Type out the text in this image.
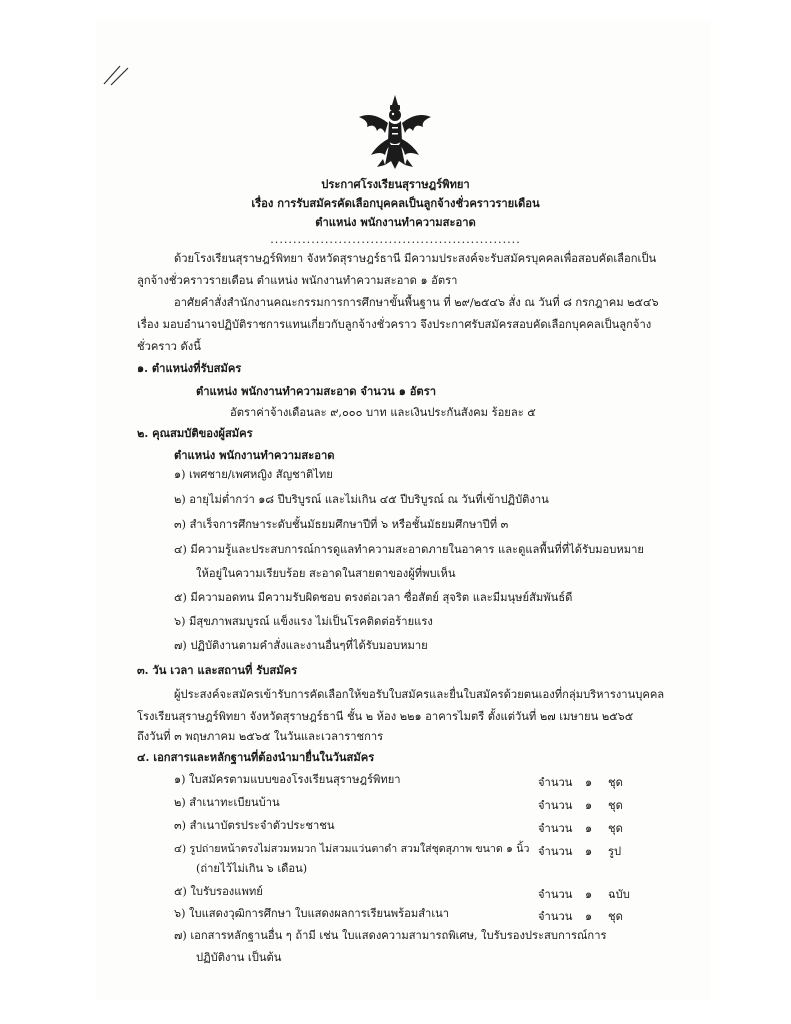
ประกาศโรงเรียนสุราษฎร์พิทยา
เรื่อง การรับสมัครคัดเลือกบุคคลเป็นลูกจ้างชั่วคราวรายเดือน
ตำแหน่ง พนักงานทำความสะอาด
.......................................................
ด้วยโรงเรียนสุราษฎร์พิทยา จังหวัดสุราษฎร์ธานี มีความประสงค์จะรับสมัครบุคคลเพื่อสอบคัดเลือกเป็น
ลูกจ้างชั่วคราวรายเดือน ตำแหน่ง พนักงานทำความสะอาด ๑ อัตรา
อาศัยคำสั่งสำนักงานคณะกรรมการการศึกษาขั้นพื้นฐาน ที่ ๒๙/๒๕๔๖ สั่ง ณ วันที่ ๘ กรกฎาคม ๒๕๔๖
เรื่อง มอบอำนาจปฏิบัติราชการแทนเกี่ยวกับลูกจ้างชั่วคราว จึงประกาศรับสมัครสอบคัดเลือกบุคคลเป็นลูกจ้าง
ชั่วคราว ดังนี้
๑. ตำแหน่งที่รับสมัคร
ตำแหน่ง พนักงานทำความสะอาด จำนวน ๑ อัตรา
อัตราค่าจ้างเดือนละ ๙,๐๐๐ บาท และเงินประกันสังคม ร้อยละ ๕
๒. คุณสมบัติของผู้สมัคร
ตำแหน่ง พนักงานทำความสะอาด
๑) เพศชาย/เพศหญิง สัญชาติไทย
๒) อายุไม่ต่ำกว่า ๑๘ ปีบริบูรณ์ และไม่เกิน ๔๕ ปีบริบูรณ์ ณ วันที่เข้าปฏิบัติงาน
๓) สำเร็จการศึกษาระดับชั้นมัธยมศึกษาปีที่ ๖ หรือชั้นมัธยมศึกษาปีที่ ๓
๔) มีความรู้และประสบการณ์การดูแลทำความสะอาดภายในอาคาร และดูแลพื้นที่ที่ได้รับมอบหมาย
ให้อยู่ในความเรียบร้อย สะอาดในสายตาของผู้ที่พบเห็น
๕) มีความอดทน มีความรับผิดชอบ ตรงต่อเวลา ซื่อสัตย์ สุจริต และมีมนุษย์สัมพันธ์ดี
๖) มีสุขภาพสมบูรณ์ แข็งแรง ไม่เป็นโรคติดต่อร้ายแรง
๗) ปฏิบัติงานตามคำสั่งและงานอื่นๆที่ได้รับมอบหมาย
๓. วัน เวลา และสถานที่ รับสมัคร
ผู้ประสงค์จะสมัครเข้ารับการคัดเลือกให้ขอรับใบสมัครและยื่นใบสมัครด้วยตนเองที่กลุ่มบริหารงานบุคคล
โรงเรียนสุราษฎร์พิทยา จังหวัดสุราษฎร์ธานี ชั้น ๒ ห้อง ๒๒๑ อาคารไมตรี ตั้งแต่วันที่ ๒๗ เมษายน ๒๕๖๕
ถึงวันที่ ๓ พฤษภาคม ๒๕๖๕ ในวันและเวลาราชการ
๔. เอกสารและหลักฐานที่ต้องนำมายื่นในวันสมัคร
๑) ใบสมัครตามแบบของโรงเรียนสุราษฎร์พิทยา	จำนวน ๑ ชุด
๒) สำเนาทะเบียนบ้าน	จำนวน ๑ ชุด
๓) สำเนาบัตรประจำตัวประชาชน	จำนวน ๑ ชุด
๔) รูปถ่ายหน้าตรงไม่สวมหมวก ไม่สวมแว่นตาดำ สวมใส่ชุดสุภาพ ขนาด ๑ นิ้ว จำนวน ๑ รูป
(ถ่ายไว้ไม่เกิน ๖ เดือน)
๕) ใบรับรองแพทย์	จำนวน ๑ ฉบับ
๖) ใบแสดงวุฒิการศึกษา ใบแสดงผลการเรียนพร้อมสำเนา	จำนวน ๑ ชุด
๗) เอกสารหลักฐานอื่น ๆ ถ้ามี เช่น ใบแสดงความสามารถพิเศษ, ใบรับรองประสบการณ์การ
ปฏิบัติงาน เป็นต้น
